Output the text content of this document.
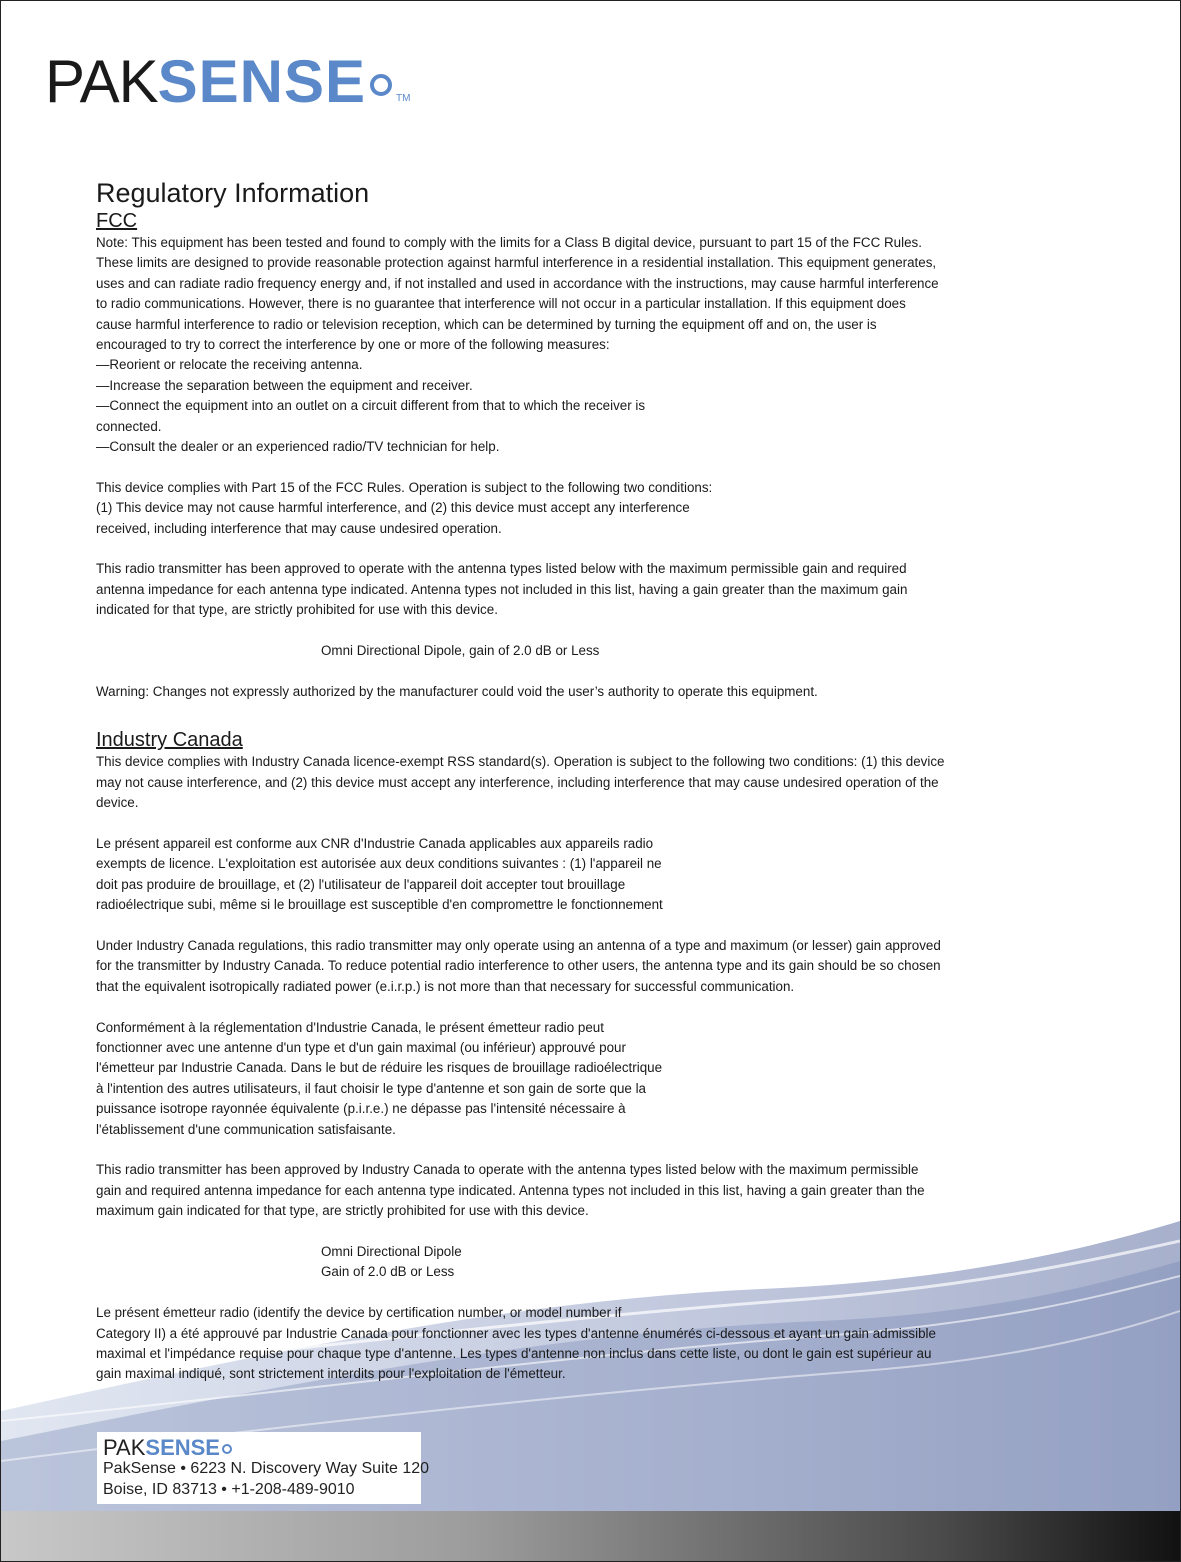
PAK SENSE	TM
Regulatory Information
FCC

Note: This equipment has been tested and found to comply with the limits for a Class B digital device, pursuant to part 15 of the FCC Rules.
These limits are designed to provide reasonable protection against harmful interference in a residential installation. This equipment generates,
uses and can radiate radio frequency energy and, if not installed and used in accordance with the instructions, may cause harmful interference
to radio communications. However, there is no guarantee that interference will not occur in a particular installation. If this equipment does
cause harmful interference to radio or television reception, which can be determined by turning the equipment off and on, the user is
encouraged to try to correct the interference by one or more of the following measures:
—Reorient or relocate the receiving antenna.
—Increase the separation between the equipment and receiver.
—Connect the equipment into an outlet on a circuit different from that to which the receiver is
connected.
—Consult the dealer or an experienced radio/TV technician for help.

This device complies with Part 15 of the FCC Rules. Operation is subject to the following two conditions:
(1) This device may not cause harmful interference, and (2) this device must accept any interference
received, including interference that may cause undesired operation.

This radio transmitter has been approved to operate with the antenna types listed below with the maximum permissible gain and required
antenna impedance for each antenna type indicated. Antenna types not included in this list, having a gain greater than the maximum gain
indicated for that type, are strictly prohibited for use with this device.

Omni Directional Dipole, gain of 2.0 dB or Less

Warning: Changes not expressly authorized by the manufacturer could void the user’s authority to operate this equipment.

Industry Canada

This device complies with Industry Canada licence-exempt RSS standard(s). Operation is subject to the following two conditions: (1) this device
may not cause interference, and (2) this device must accept any interference, including interference that may cause undesired operation of the
device.

Le présent appareil est conforme aux CNR d'Industrie Canada applicables aux appareils radio
exempts de licence. L'exploitation est autorisée aux deux conditions suivantes : (1) l'appareil ne
doit pas produire de brouillage, et (2) l'utilisateur de l'appareil doit accepter tout brouillage
radioélectrique subi, même si le brouillage est susceptible d'en compromettre le fonctionnement

Under Industry Canada regulations, this radio transmitter may only operate using an antenna of a type and maximum (or lesser) gain approved
for the transmitter by Industry Canada. To reduce potential radio interference to other users, the antenna type and its gain should be so chosen
that the equivalent isotropically radiated power (e.i.r.p.) is not more than that necessary for successful communication.

Conformément à la réglementation d'Industrie Canada, le présent émetteur radio peut
fonctionner avec une antenne d'un type et d'un gain maximal (ou inférieur) approuvé pour
l'émetteur par Industrie Canada. Dans le but de réduire les risques de brouillage radioélectrique
à l'intention des autres utilisateurs, il faut choisir le type d'antenne et son gain de sorte que la
puissance isotrope rayonnée équivalente (p.i.r.e.) ne dépasse pas l'intensité nécessaire à
l'établissement d'une communication satisfaisante.

This radio transmitter has been approved by Industry Canada to operate with the antenna types listed below with the maximum permissible
gain and required antenna impedance for each antenna type indicated. Antenna types not included in this list, having a gain greater than the
maximum gain indicated for that type, are strictly prohibited for use with this device.

Omni Directional Dipole

Gain of 2.0 dB or Less

Le présent émetteur radio (identify the device by certification number, or model number if
Category II) a été approuvé par Industrie Canada pour fonctionner avec les types d'antenne énumérés ci-dessous et ayant un gain admissible
maximal et l'impédance requise pour chaque type d'antenne. Les types d'antenne non inclus dans cette liste, ou dont le gain est supérieur au
gain maximal indiqué, sont strictement interdits pour l'exploitation de l'émetteur.

PAK SENSE
PakSense • 6223 N. Discovery Way Suite 120
Boise, ID 83713 • +1-208-489-9010
